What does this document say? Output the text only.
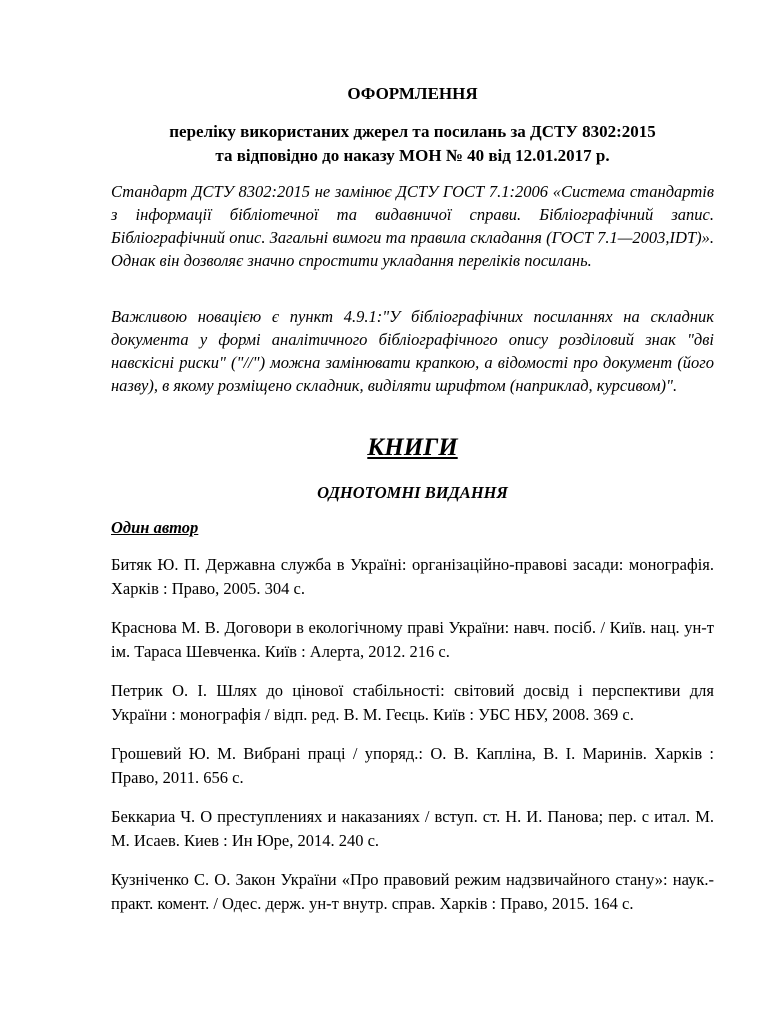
ОФОРМЛЕННЯ
переліку використаних джерел та посилань за ДСТУ 8302:2015
та відповідно до наказу МОН № 40 від 12.01.2017 р.
Стандарт ДСТУ 8302:2015 не замінює ДСТУ ГОСТ 7.1:2006 «Система стандартів з інформації бібліотечної та видавничої справи. Бібліографічний запис. Бібліографічний опис. Загальні вимоги та правила складання (ГОСТ 7.1—2003,IDT)». Однак він дозволяє значно спростити укладання переліків посилань.
Важливою новацією є пункт 4.9.1:"У бібліографічних посиланнях на складник документа у формі аналітичного бібліографічного опису розділовий знак "дві навскісні риски" ("//") можна замінювати крапкою, а відомості про документ (його назву), в якому розміщено складник, виділяти шрифтом (наприклад, курсивом)".
КНИГИ
ОДНОТОМНІ ВИДАННЯ
Один автор
Битяк Ю. П. Державна служба в Україні: організаційно-правові засади: монографія. Харків : Право, 2005. 304 с.
Краснова М. В. Договори в екологічному праві України: навч. посіб. / Київ. нац. ун-т ім. Тараса Шевченка. Київ : Алерта, 2012. 216 с.
Петрик О. І. Шлях до цінової стабільності: світовий досвід і перспективи для України : монографія / відп. ред. В. М. Геєць. Київ : УБС НБУ, 2008. 369 с.
Грошевий Ю. М. Вибрані праці / упоряд.: О. В. Капліна, В. І. Маринів. Харків : Право, 2011. 656 с.
Беккариа Ч. О преступлениях и наказаниях / вступ. ст. Н. И. Панова; пер. с итал. М. М. Исаев. Киев : Ин Юре, 2014. 240 с.
Кузніченко С. О. Закон України «Про правовий режим надзвичайного стану»: наук.-практ. комент. / Одес. держ. ун-т внутр. справ. Харків : Право, 2015. 164 с.
